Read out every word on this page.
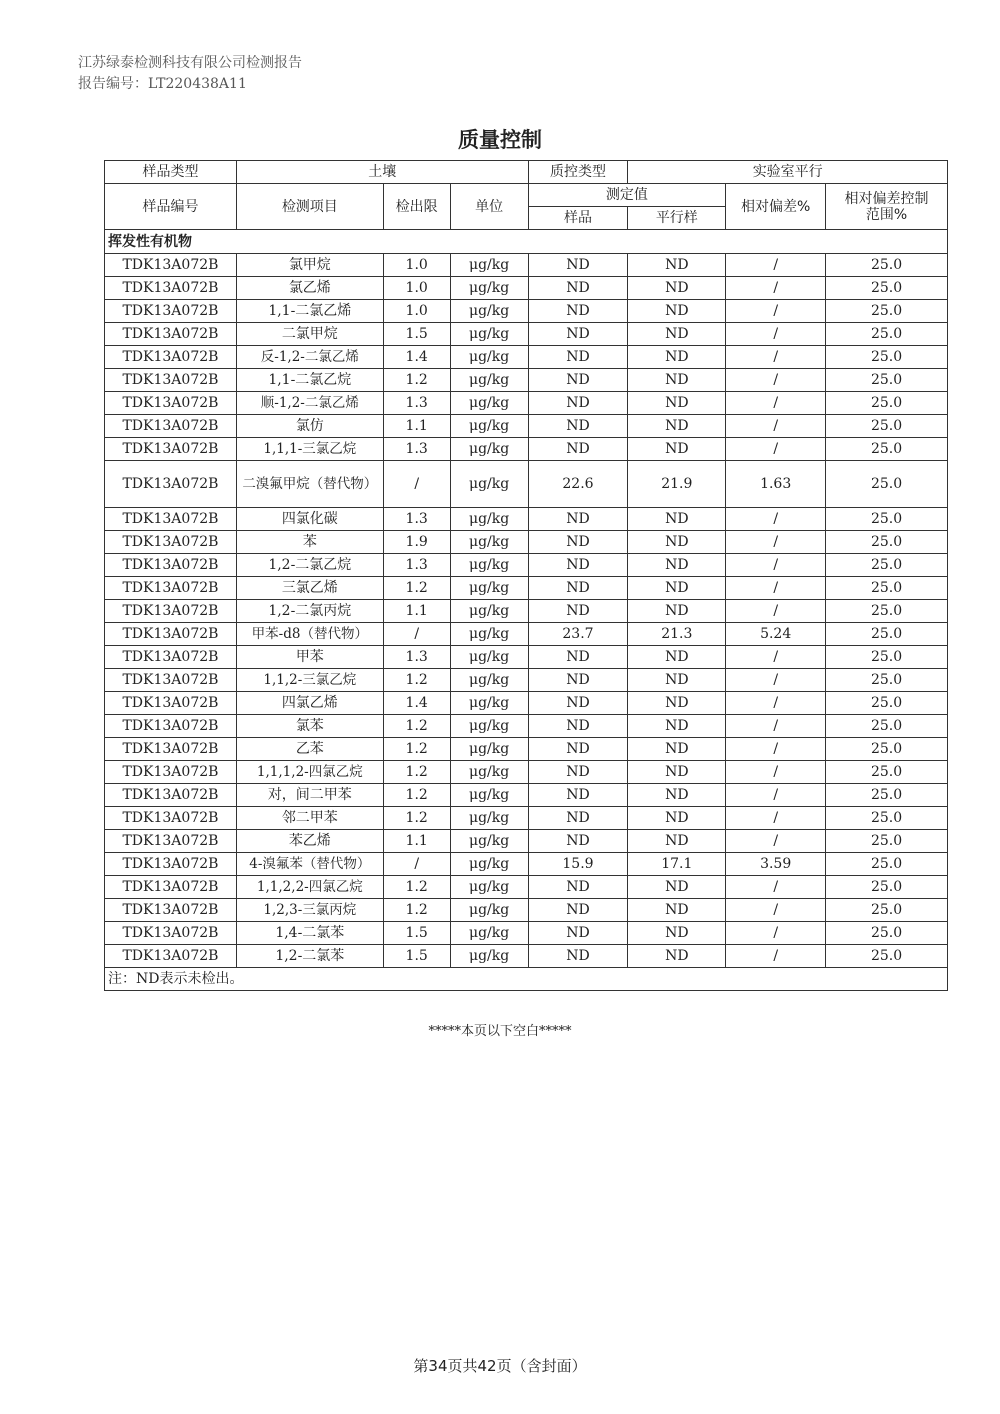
江苏绿泰检测科技有限公司检测报告
报告编号：LT220438A11
质量控制
样品类型	土壤			质控类型	实验室平行		
样品编号	检测项目	检出限	单位	测定值		相对偏差%	相对偏差控制范围%
				样品	平行样		
挥发性有机物							
TDK13A072B	氯甲烷	1.0	μg/kg	ND	ND	/	25.0
TDK13A072B	氯乙烯	1.0	μg/kg	ND	ND	/	25.0
TDK13A072B	1,1-二氯乙烯	1.0	μg/kg	ND	ND	/	25.0
TDK13A072B	二氯甲烷	1.5	μg/kg	ND	ND	/	25.0
TDK13A072B	反-1,2-二氯乙烯	1.4	μg/kg	ND	ND	/	25.0
TDK13A072B	1,1-二氯乙烷	1.2	μg/kg	ND	ND	/	25.0
TDK13A072B	顺-1,2-二氯乙烯	1.3	μg/kg	ND	ND	/	25.0
TDK13A072B	氯仿	1.1	μg/kg	ND	ND	/	25.0
TDK13A072B	1,1,1-三氯乙烷	1.3	μg/kg	ND	ND	/	25.0
TDK13A072B	二溴氟甲烷（替代物）	/	μg/kg	22.6	21.9	1.63	25.0
TDK13A072B	四氯化碳	1.3	μg/kg	ND	ND	/	25.0
TDK13A072B	苯	1.9	μg/kg	ND	ND	/	25.0
TDK13A072B	1,2-二氯乙烷	1.3	μg/kg	ND	ND	/	25.0
TDK13A072B	三氯乙烯	1.2	μg/kg	ND	ND	/	25.0
TDK13A072B	1,2-二氯丙烷	1.1	μg/kg	ND	ND	/	25.0
TDK13A072B	甲苯-d8（替代物）	/	μg/kg	23.7	21.3	5.24	25.0
TDK13A072B	甲苯	1.3	μg/kg	ND	ND	/	25.0
TDK13A072B	1,1,2-三氯乙烷	1.2	μg/kg	ND	ND	/	25.0
TDK13A072B	四氯乙烯	1.4	μg/kg	ND	ND	/	25.0
TDK13A072B	氯苯	1.2	μg/kg	ND	ND	/	25.0
TDK13A072B	乙苯	1.2	μg/kg	ND	ND	/	25.0
TDK13A072B	1,1,1,2-四氯乙烷	1.2	μg/kg	ND	ND	/	25.0
TDK13A072B	对，间二甲苯	1.2	μg/kg	ND	ND	/	25.0
TDK13A072B	邻二甲苯	1.2	μg/kg	ND	ND	/	25.0
TDK13A072B	苯乙烯	1.1	μg/kg	ND	ND	/	25.0
TDK13A072B	4-溴氟苯（替代物）	/	μg/kg	15.9	17.1	3.59	25.0
TDK13A072B	1,1,2,2-四氯乙烷	1.2	μg/kg	ND	ND	/	25.0
TDK13A072B	1,2,3-三氯丙烷	1.2	μg/kg	ND	ND	/	25.0
TDK13A072B	1,4-二氯苯	1.5	μg/kg	ND	ND	/	25.0
TDK13A072B	1,2-二氯苯	1.5	μg/kg	ND	ND	/	25.0
注：ND表示未检出。							
*****本页以下空白*****
第34页共42页（含封面）
